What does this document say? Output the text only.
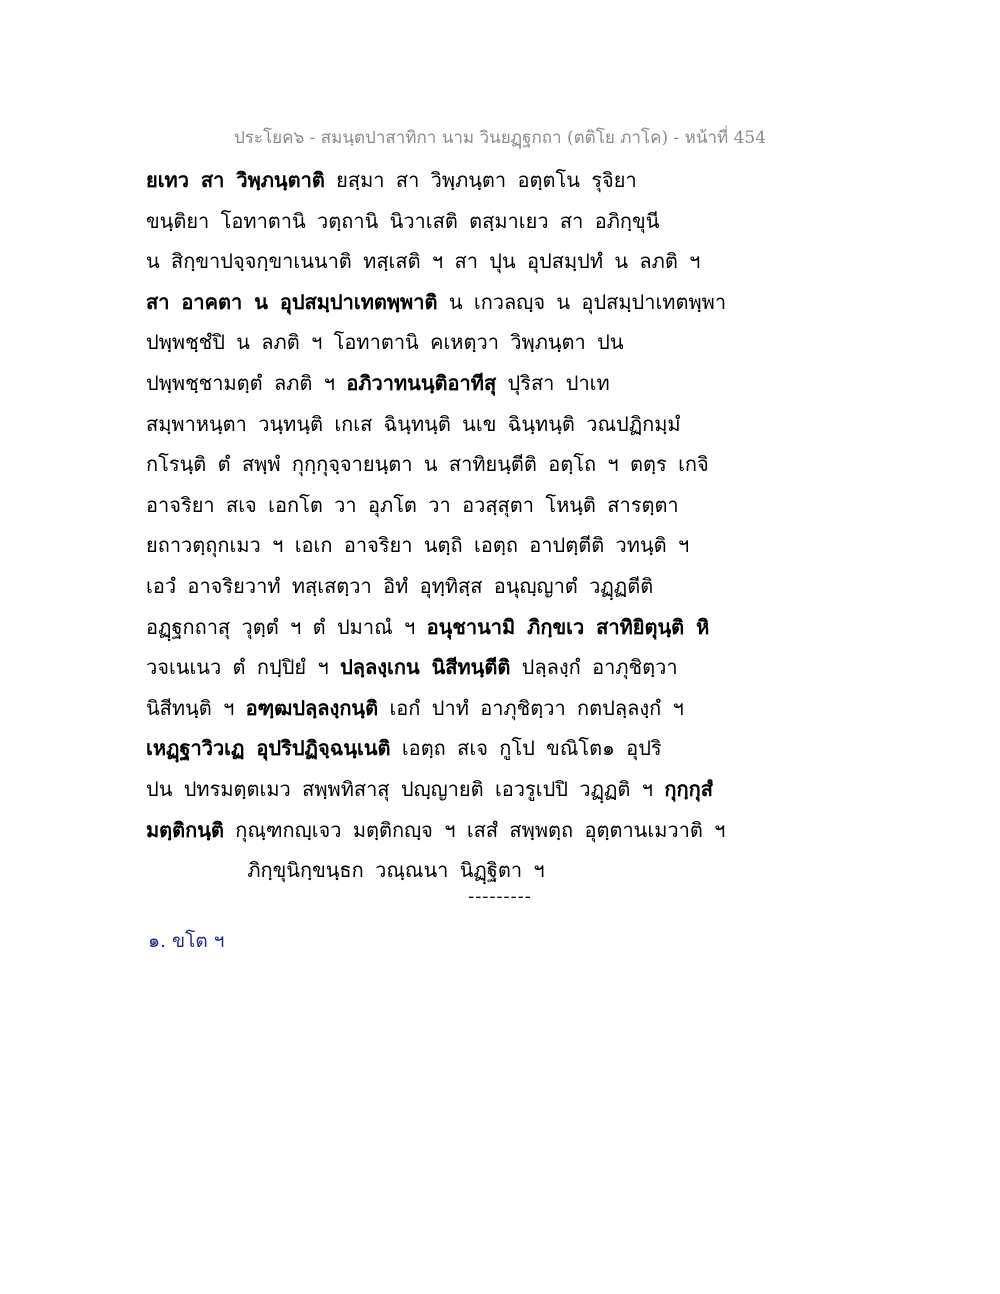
ประโยค๖ - สมนฺตปาสาทิกา นาม วินยฏฺฐกถา (ตติโย ภาโค) - หน้าที่ 454
ยเทว สา วิพฺภนฺตาติ ยสฺมา สา วิพฺภนฺตา อตฺตโน รุจิยา
ขนฺติยา โอทาตานิ วตฺถานิ นิวาเสติ ตสฺมาเยว สา อภิกฺขุนี
น สิกฺขาปจฺจกฺขาเนนาติ ทสฺเสติ ฯ สา ปุน อุปสมฺปทํ น ลภติ ฯ
สา อาคตา น อุปสมฺปาเทตพฺพาติ น เกวลญฺจ น อุปสมฺปาเทตพฺพา
ปพฺพชฺชํปิ น ลภติ ฯ โอทาตานิ คเหตฺวา วิพฺภนฺตา ปน
ปพฺพชฺชามตฺตํ ลภติ ฯ อภิวาทนนฺติอาทีสุ ปุริสา ปาเท
สมฺพาหนฺตา วนฺทนฺติ เกเส ฉินฺทนฺติ นเข ฉินฺทนฺติ วณปฏิกมฺมํ
กโรนฺติ ตํ สพฺพํ กุกฺกุจฺจายนฺตา น สาทิยนฺตีติ อตฺโถ ฯ ตตฺร เกจิ
อาจริยา สเจ เอกโต วา อุภโต วา อวสฺสุตา โหนฺติ สารตฺตา
ยถาวตฺถุกเมว ฯ เอเก อาจริยา นตฺถิ เอตฺถ อาปตฺตีติ วทนฺติ ฯ
เอวํ อาจริยวาทํ ทสฺเสตฺวา อิทํ อุทฺทิสฺส อนุญฺญาตํ วฏฺฏตีติ
อฏฺฐกถาสุ วุตฺตํ ฯ ตํ ปมาณํ ฯ อนุชานามิ ภิกฺขเว สาทิยิตุนฺติ หิ
วจเนเนว ตํ กปฺปิยํ ฯ ปลฺลงฺเกน นิสีทนฺตีติ ปลฺลงฺกํ อาภุชิตฺวา
นิสีทนฺติ ฯ อฑฺฒปลฺลงฺกนฺติ เอกํ ปาทํ อาภุชิตฺวา กตปลฺลงฺกํ ฯ
เหฏฺฐาวิวเฏ อุปริปฏิจฺฉนฺเนติ เอตฺถ สเจ กูโป ขณิโต๑ อุปริ
ปน ปทรมตฺตเมว สพฺพทิสาสุ ปญฺญายติ เอวรูเปปิ วฏฺฏติ ฯ กุกฺกุสํ
มตฺติกนฺติ กุณฺฑกญฺเจว มตฺติกญฺจ ฯ เสสํ สพฺพตฺถ อุตฺตานเมวาติ ฯ
ภิกฺขุนิกฺขนฺธก วณฺณนา นิฏฺฐิตา ฯ
---------
๑. ขโต ฯ
